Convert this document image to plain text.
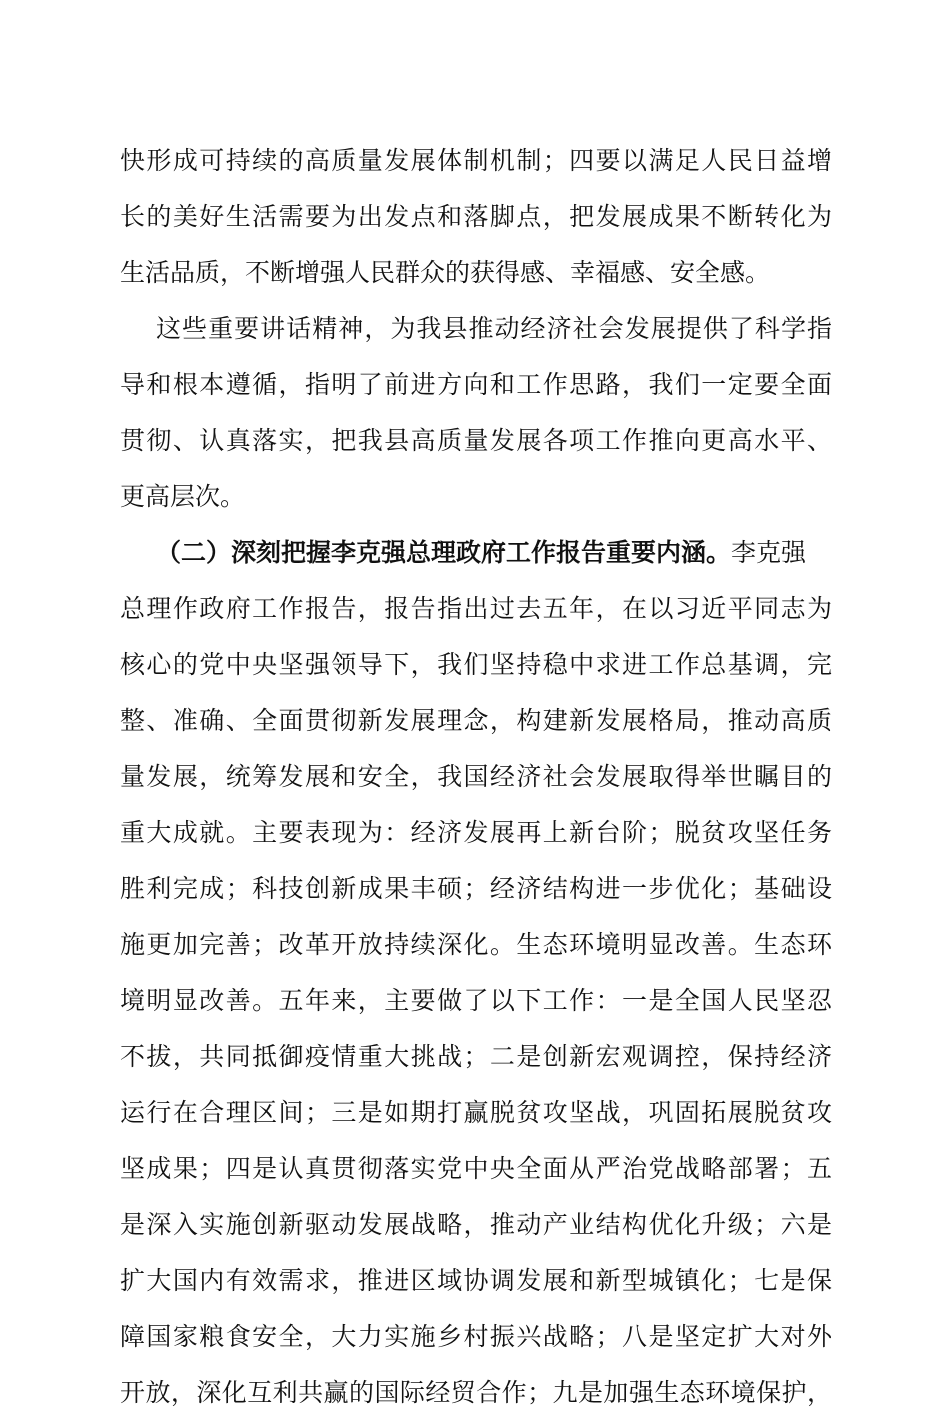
快形成可持续的高质量发展体制机制；四要以满足人民日益增
长的美好生活需要为出发点和落脚点，把发展成果不断转化为
生活品质，不断增强人民群众的获得感、幸福感、安全感。
这些重要讲话精神，为我县推动经济社会发展提供了科学指
导和根本遵循，指明了前进方向和工作思路，我们一定要全面
贯彻、认真落实，把我县高质量发展各项工作推向更高水平、
更高层次。
（二）深刻把握李克强总理政府工作报告重要内涵。李克强
总理作政府工作报告，报告指出过去五年，在以习近平同志为
核心的党中央坚强领导下，我们坚持稳中求进工作总基调，完
整、准确、全面贯彻新发展理念，构建新发展格局，推动高质
量发展，统筹发展和安全，我国经济社会发展取得举世瞩目的
重大成就。主要表现为：经济发展再上新台阶；脱贫攻坚任务
胜利完成；科技创新成果丰硕；经济结构进一步优化；基础设
施更加完善；改革开放持续深化。生态环境明显改善。生态环
境明显改善。五年来，主要做了以下工作：一是全国人民坚忍
不拔，共同抵御疫情重大挑战；二是创新宏观调控，保持经济
运行在合理区间；三是如期打赢脱贫攻坚战，巩固拓展脱贫攻
坚成果；四是认真贯彻落实党中央全面从严治党战略部署；五
是深入实施创新驱动发展战略，推动产业结构优化升级；六是
扩大国内有效需求，推进区域协调发展和新型城镇化；七是保
障国家粮食安全，大力实施乡村振兴战略；八是坚定扩大对外
开放，深化互利共赢的国际经贸合作；九是加强生态环境保护，
